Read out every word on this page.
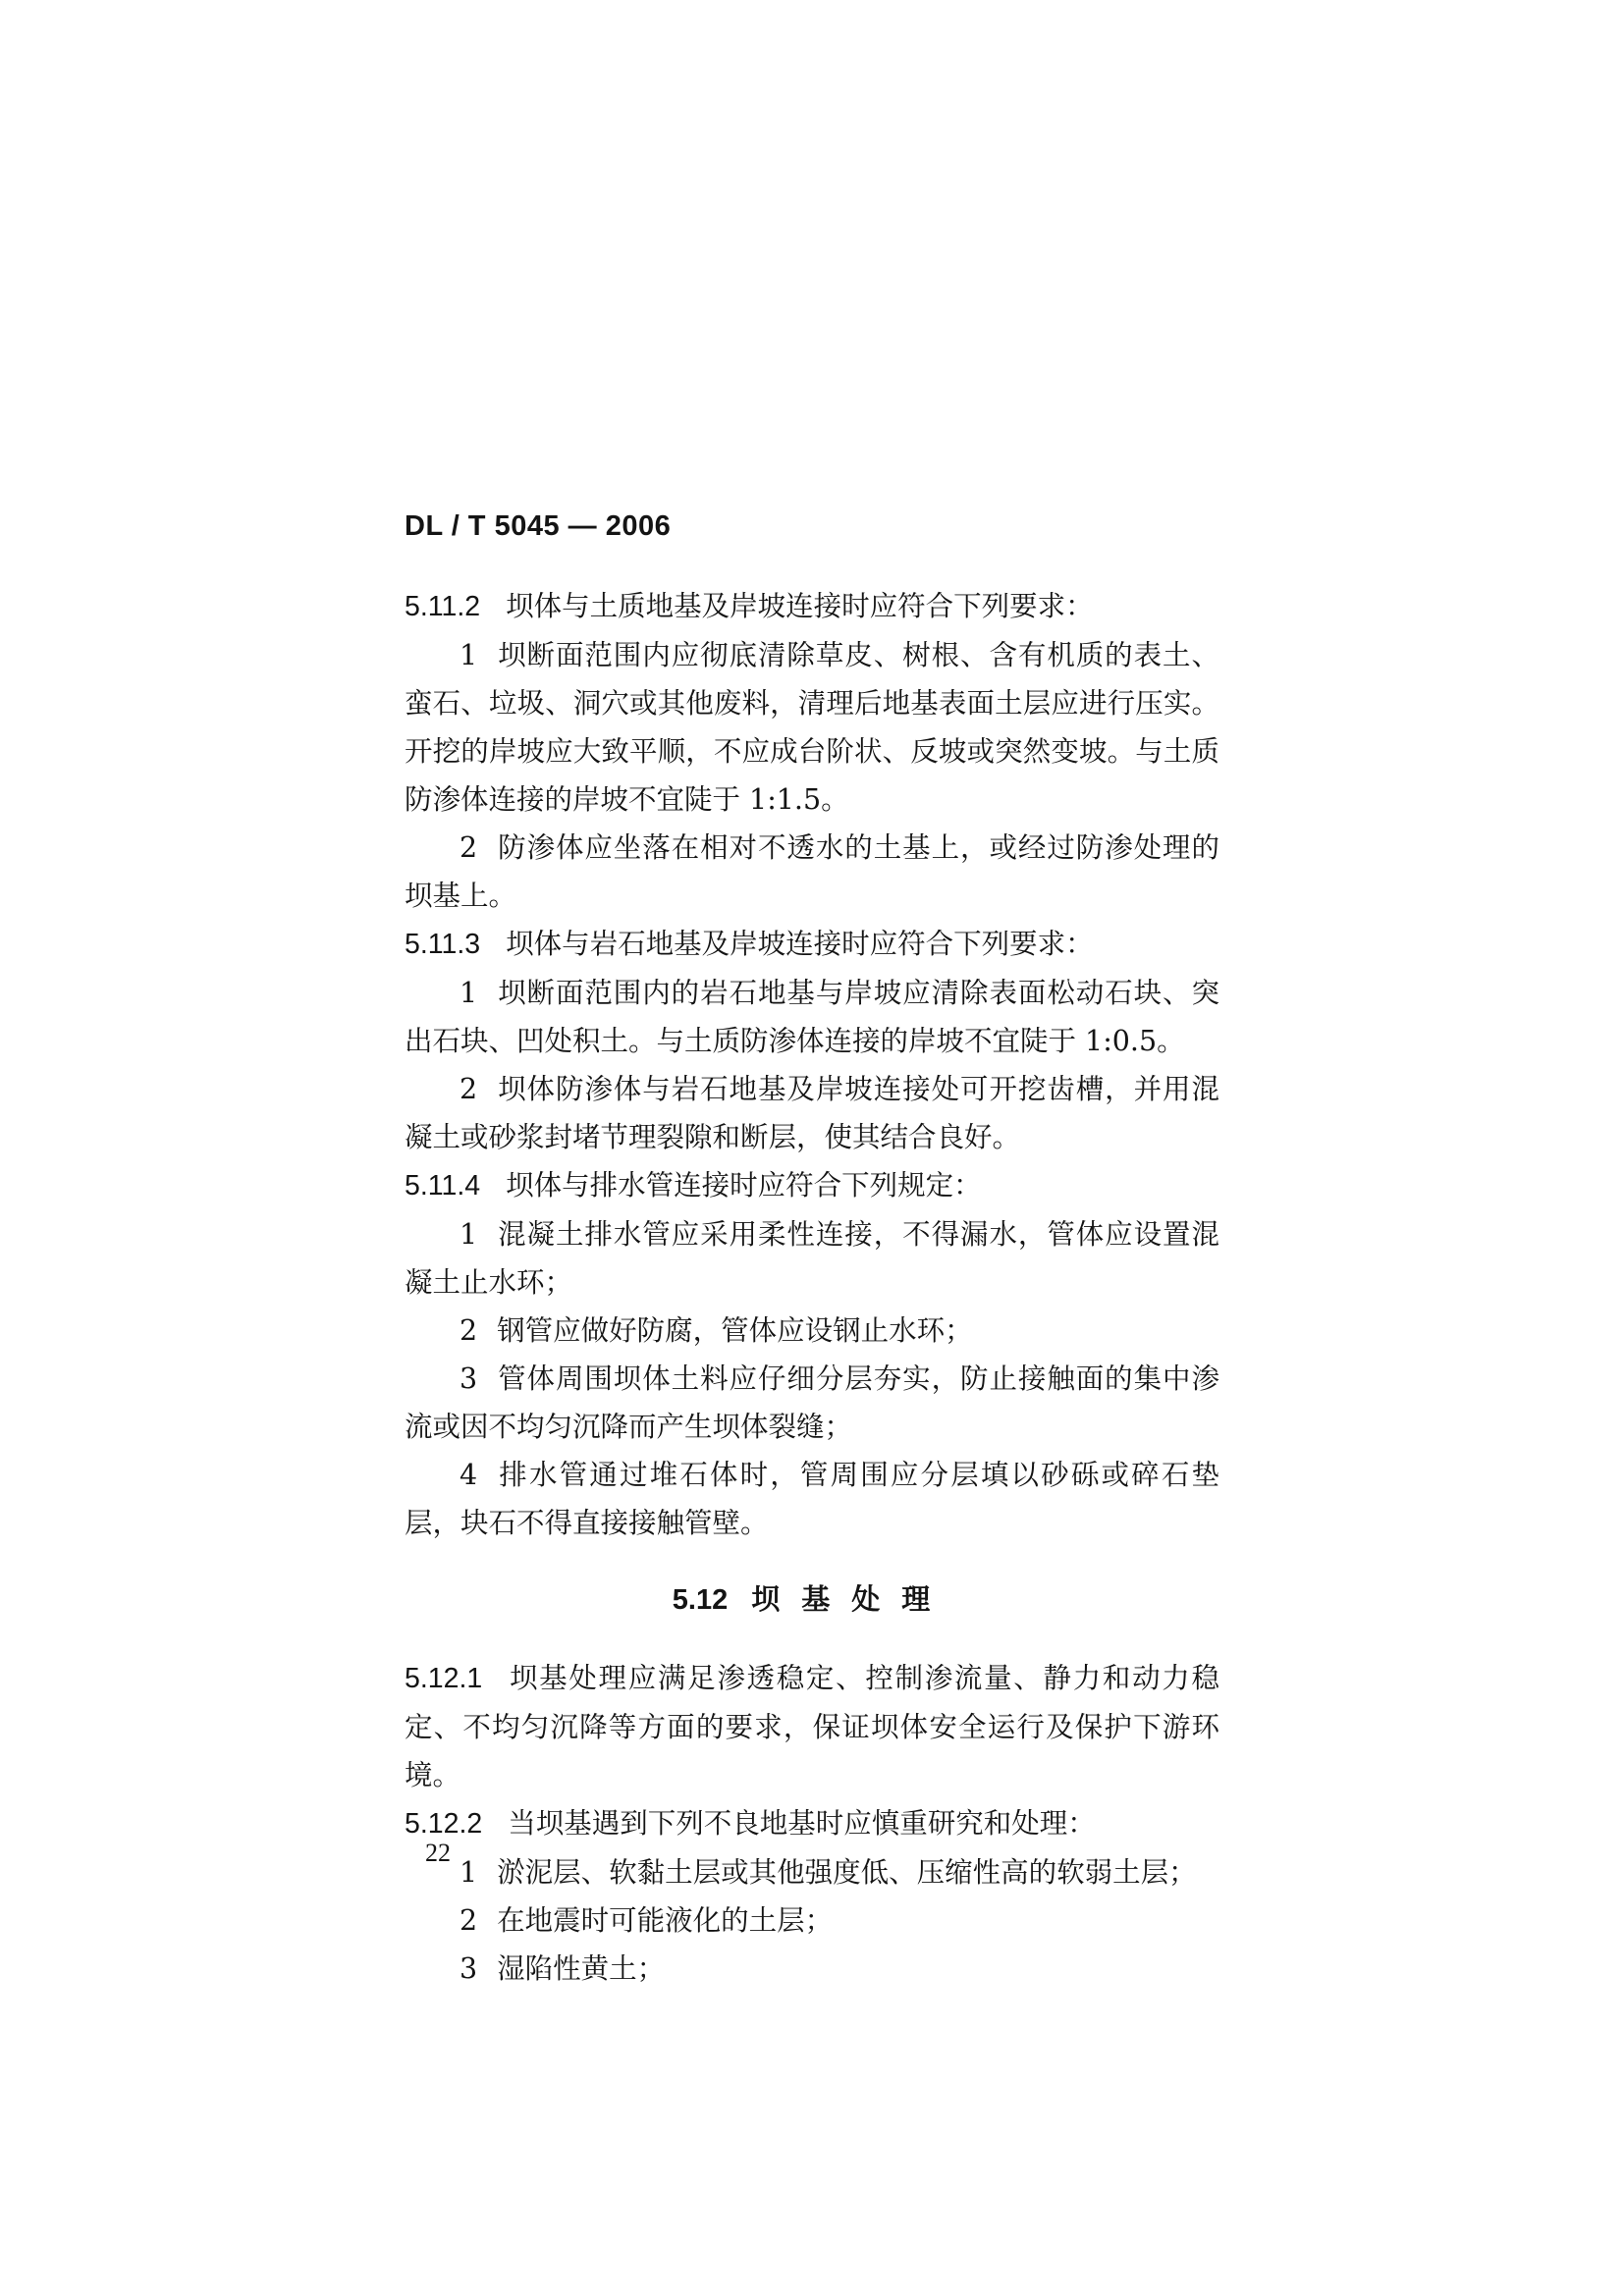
DL / T 5045 — 2006

5.11.2 坝体与土质地基及岸坡连接时应符合下列要求：

1 坝断面范围内应彻底清除草皮、树根、含有机质的表土、蛮石、垃圾、洞穴或其他废料，清理后地基表面土层应进行压实。开挖的岸坡应大致平顺，不应成台阶状、反坡或突然变坡。与土质防渗体连接的岸坡不宜陡于 1:1.5。

2 防渗体应坐落在相对不透水的土基上，或经过防渗处理的坝基上。

5.11.3 坝体与岩石地基及岸坡连接时应符合下列要求：

1 坝断面范围内的岩石地基与岸坡应清除表面松动石块、突出石块、凹处积土。与土质防渗体连接的岸坡不宜陡于 1:0.5。

2 坝体防渗体与岩石地基及岸坡连接处可开挖齿槽，并用混凝土或砂浆封堵节理裂隙和断层，使其结合良好。

5.11.4 坝体与排水管连接时应符合下列规定：

1 混凝土排水管应采用柔性连接，不得漏水，管体应设置混凝土止水环；

2 钢管应做好防腐，管体应设钢止水环；

3 管体周围坝体土料应仔细分层夯实，防止接触面的集中渗流或因不均匀沉降而产生坝体裂缝；

4 排水管通过堆石体时，管周围应分层填以砂砾或碎石垫层，块石不得直接接触管壁。

5.12 坝基处理

5.12.1 坝基处理应满足渗透稳定、控制渗流量、静力和动力稳定、不均匀沉降等方面的要求，保证坝体安全运行及保护下游环境。

5.12.2 当坝基遇到下列不良地基时应慎重研究和处理：

1 淤泥层、软黏土层或其他强度低、压缩性高的软弱土层；

2 在地震时可能液化的土层；

3 湿陷性黄土；

22
